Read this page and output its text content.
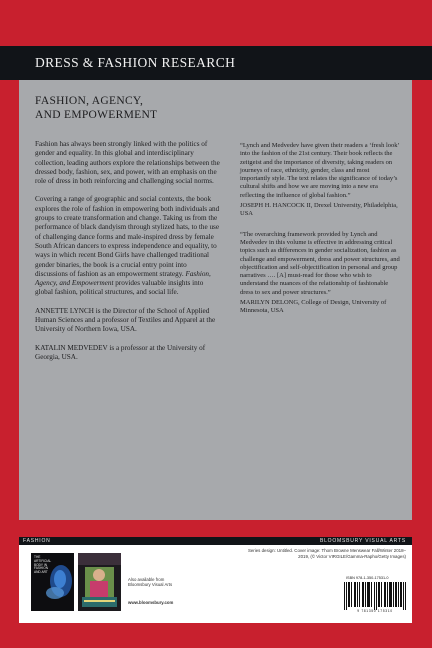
DRESS & FASHION RESEARCH
FASHION, AGENCY,
AND EMPOWERMENT

Fashion has always been strongly linked with the politics of gender and equality. In this global and interdisciplinary collection, leading authors explore the relationships between the dressed body, fashion, sex, and power, with an emphasis on the role of dress in both reinforcing and challenging social norms.

Covering a range of geographic and social contexts, the book explores the role of fashion in empowering both individuals and groups to create transformation and change. Taking us from the performance of black dandyism through stylized hats, to the use of challenging dance forms and male-inspired dress by female South African dancers to express independence and equality, to ways in which recent Bond Girls have challenged traditional gender binaries, the book is a crucial entry point into discussions of fashion as an empowerment strategy. Fashion, Agency, and Empowerment provides valuable insights into global fashion, political structures, and social life.

ANNETTE LYNCH is the Director of the School of Applied Human Sciences and a professor of Textiles and Apparel at the University of Northern Iowa, USA.

KATALIN MEDVEDEV is a professor at the University of Georgia, USA.

“Lynch and Medvedev have given their readers a ‘fresh look’ into the fashion of the 21st century. Their book reflects the zeitgeist and the importance of diversity, taking readers on journeys of race, ethnicity, gender, class and most importantly style. The text relates the significance of today’s cultural shifts and how we are moving into a new era reflecting the influence of global fashion.”

JOSEPH H. HANCOCK II, Drexel University, Philadelphia, USA

“The overarching framework provided by Lynch and Medvedev in this volume is effective in addressing critical topics such as differences in gender socialization, fashion as challenge and empowerment, dress and power structures, and objectification and self-objectification in personal and group narratives …. [A] must-read for those who wish to understand the nuances of the relationship of fashionable dress to sex and power structures.”

MARILYN DELONG, College of Design, University of Minnesota, USA

FASHION	BLOOMSBURY VISUAL ARTS
THE ARTIFICIAL BODY IN FASHION AND ART
Also available from Bloomsbury Visual Arts
www.bloomsbury.com
Series design: Untitled. Cover image: Thom Browne Menswear Fall/Winter 2018–2019, (© Victor VIRGILE/Gamma-Rapho/Getty Images)
ISBN 978-1-350-17531-0
9 781350 175310
